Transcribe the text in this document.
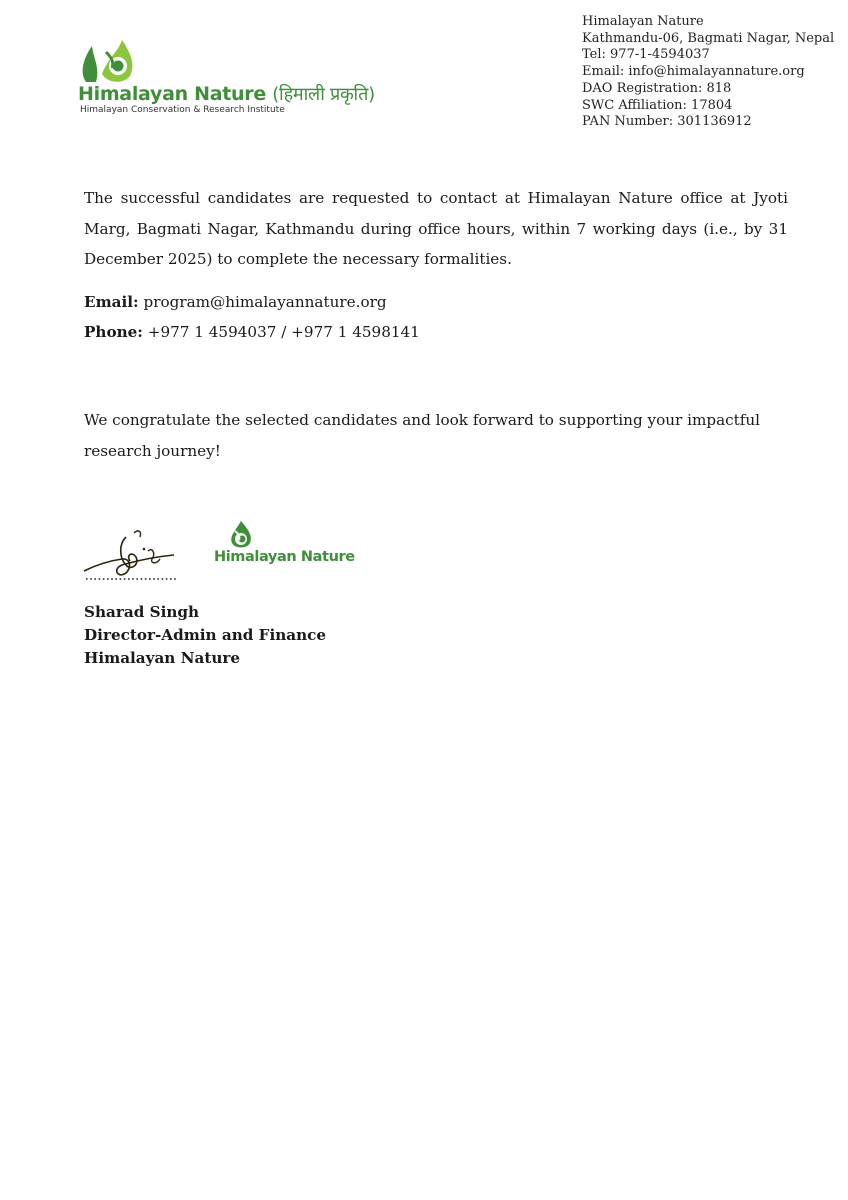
Himalayan Nature (हिमाली प्रकृति)
Himalayan Conservation & Research Institute
Himalayan Nature
Kathmandu-06, Bagmati Nagar, Nepal
Tel: 977-1-4594037
Email: info@himalayannature.org
DAO Registration: 818
SWC Affiliation: 17804
PAN Number: 301136912

The successful candidates are requested to contact at Himalayan Nature office at Jyoti Marg, Bagmati Nagar, Kathmandu during office hours, within 7 working days (i.e., by 31 December 2025) to complete the necessary formalities.

Email: program@himalayannature.org
Phone: +977 1 4594037 / +977 1 4598141

We congratulate the selected candidates and look forward to supporting your impactful research journey!

Himalayan Nature
Sharad Singh
Director-Admin and Finance
Himalayan Nature
